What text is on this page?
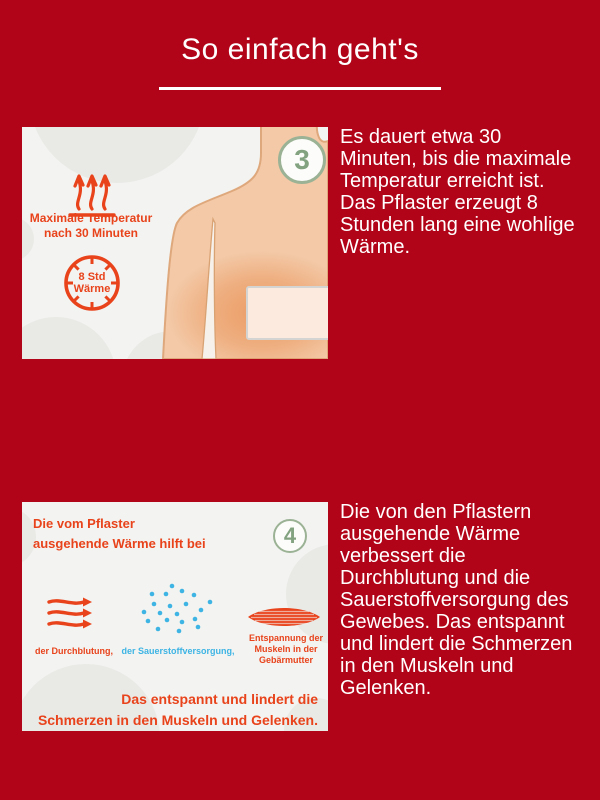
So einfach geht's
Maximale Temperatur nach 30 Minuten
8 Std
Wärme
3

Es dauert etwa 30 Minuten, bis die maximale Temperatur erreicht ist. Das Pflaster erzeugt 8 Stunden lang eine wohlige Wärme.

Die vom Pflaster
ausgehende Wärme hilft bei	4
der Durchblutung, der Sauerstoffversorgung,
Entspannung der Muskeln in der Gebärmutter
Das entspannt und lindert die
Schmerzen in den Muskeln und Gelenken.

Die von den Pflastern ausgehende Wärme verbessert die Durchblutung und die Sauerstoffversorgung des Gewebes. Das entspannt und lindert die Schmerzen in den Muskeln und Gelenken.
